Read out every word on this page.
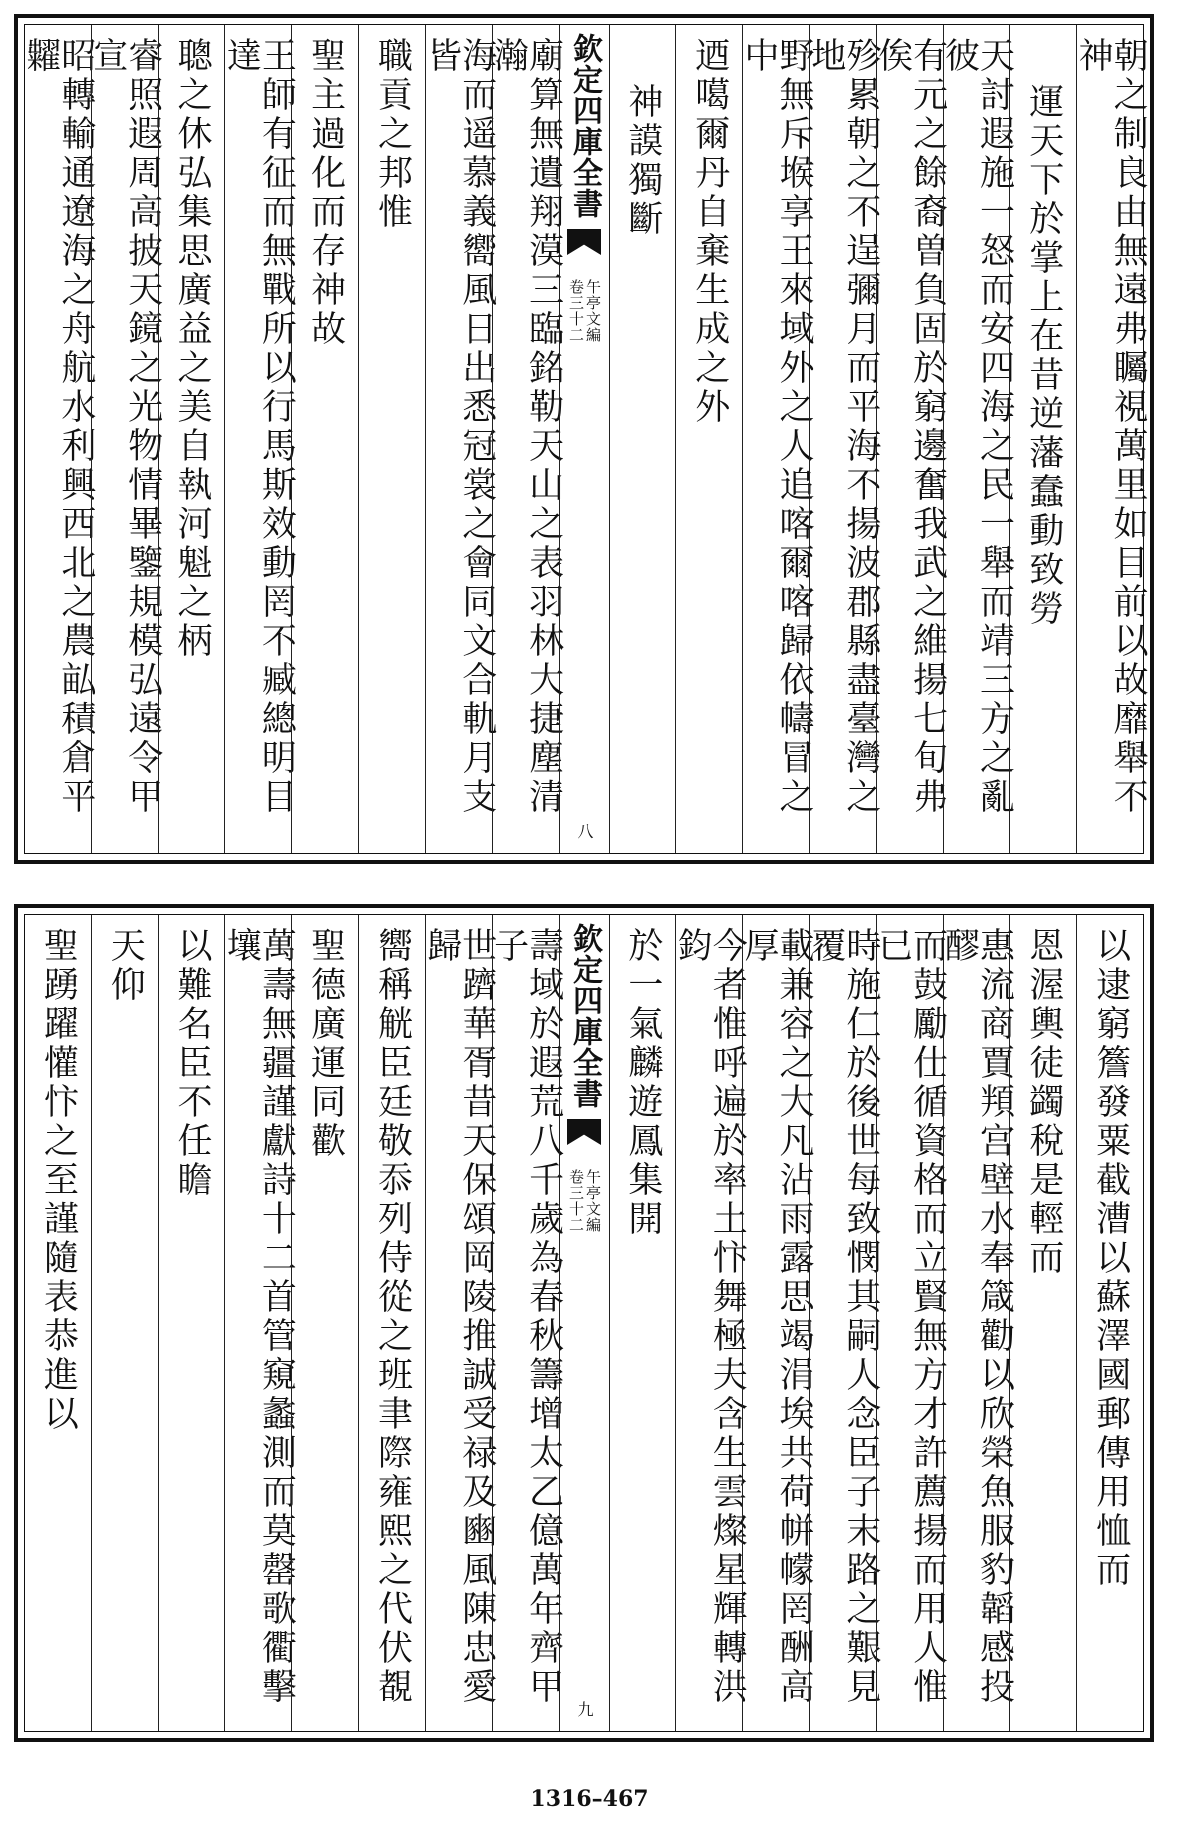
朝之制良由無遠弗矚視萬里如目前以故靡舉不神
運天下於掌上在昔逆藩蠢動致勞
天討遐施一怒而安四海之民一舉而靖三方之亂彼
有元之餘裔曽負固於窮邊奮我武之維揚七旬弗俟
殄累朝之不逞彌月而平海不揚波郡縣盡臺灣之地
野無斥堠享王來域外之人追喀爾喀歸依幬冒之中
迺噶爾丹自棄生成之外
神謨獨斷
欽定四庫全書
午亭文編
卷三十二
八
廟算無遺翔漠三臨銘勒天山之表羽林大捷塵清瀚
海而遥慕義嚮風日出悉冠裳之會同文合軌月支皆
職貢之邦惟
聖主過化而存神故
王師有征而無戰所以行馬斯效動罔不臧總明目達
聰之休弘集思廣益之美自執河魁之柄
睿照遐周高披天鏡之光物情畢鑒規模弘遠令甲宣
昭轉輸通遼海之舟航水利興西北之農畆積倉平糶
以逮窮簷發粟截漕以蘇澤國郵傳用恤而
恩渥輿徒蠲稅是輕而
惠流商賈頖宫壁水奉箴勸以欣榮魚服豹韜感投醪
而鼓勵仕循資格而立賢無方才許薦揚而用人惟已
時施仁於後世每致憫其嗣人念臣子末路之艱見覆
載兼容之大凡沾雨露思竭涓埃共荷帡幪罔酬高厚
今者惟呼遍於率土忭舞極夫含生雲燦星輝轉洪鈞
於一氣麟遊鳳集開
欽定四庫全書
午亭文編
卷三十二
九
壽域於遐荒八千歲為春秋籌增太乙億萬年齊甲子
世躋華胥昔天保頌岡陵推誠受禄及豳風陳忠愛歸
嚮稱觥臣廷敬忝列侍從之班聿際雍熙之代伏覩
聖德廣運同歡
萬壽無疆謹獻詩十二首管窺蠡測而莫罄歌衢擊壤
以難名臣不任瞻
天仰
聖踴躍懽忭之至謹隨表恭進以
1316–467
